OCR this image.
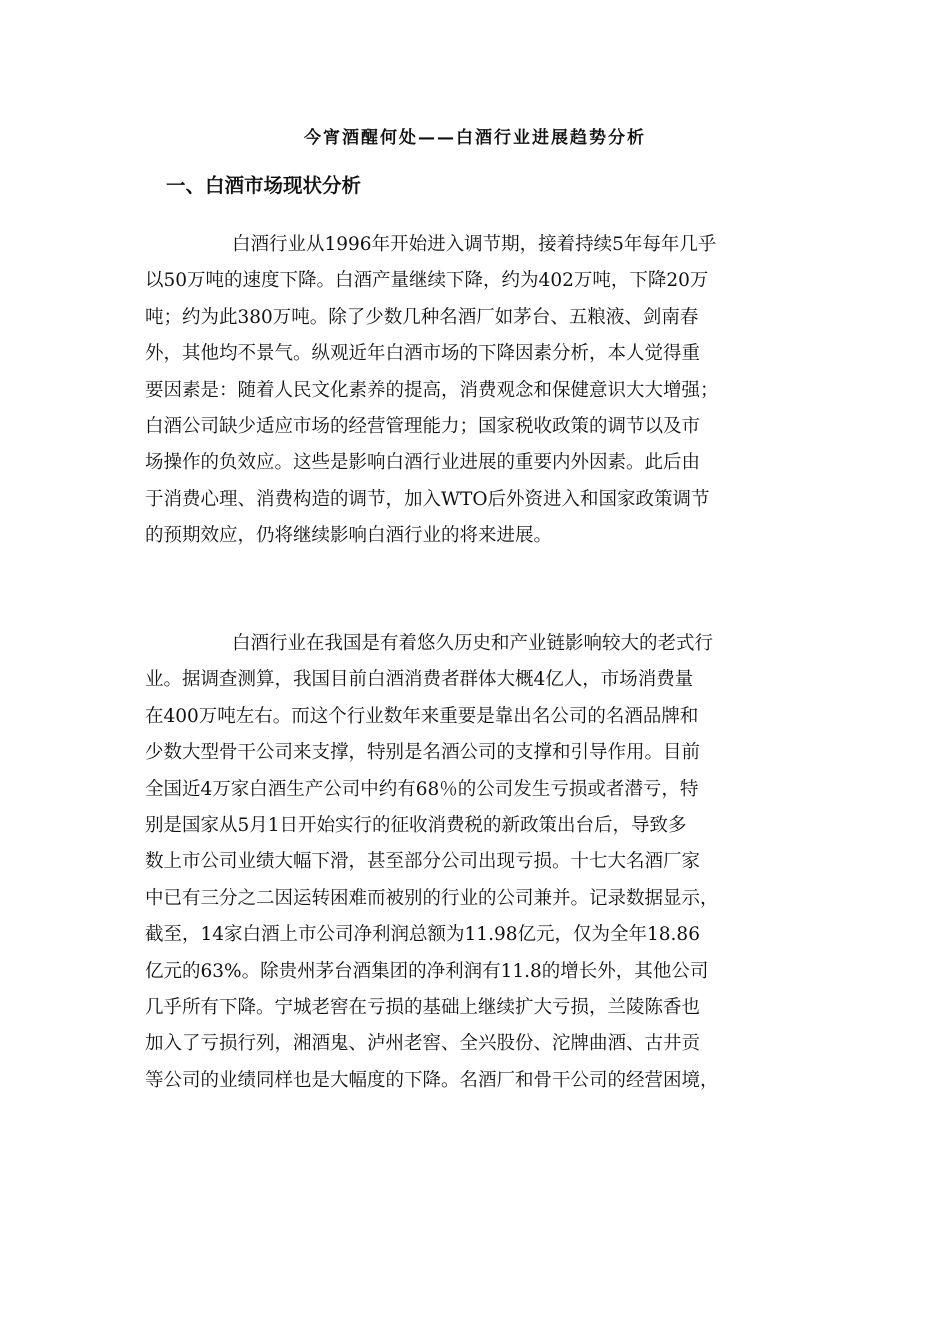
今宵酒醒何处——白酒行业进展趋势分析
一、白酒市场现状分析
白酒行业从1996年开始进入调节期，接着持续5年每年几乎
以50万吨的速度下降。白酒产量继续下降，约为402万吨，下降20万
吨；约为此380万吨。除了少数几种名酒厂如茅台、五粮液、剑南春
外，其他均不景气。纵观近年白酒市场的下降因素分析，本人觉得重
要因素是：随着人民文化素养的提高，消费观念和保健意识大大增强；
白酒公司缺少适应市场的经营管理能力；国家税收政策的调节以及市
场操作的负效应。这些是影响白酒行业进展的重要内外因素。此后由
于消费心理、消费构造的调节，加入WTO后外资进入和国家政策调节
的预期效应，仍将继续影响白酒行业的将来进展。
白酒行业在我国是有着悠久历史和产业链影响较大的老式行
业。据调查测算，我国目前白酒消费者群体大概4亿人，市场消费量
在400万吨左右。而这个行业数年来重要是靠出名公司的名酒品牌和
少数大型骨干公司来支撑，特别是名酒公司的支撑和引导作用。目前
全国近4万家白酒生产公司中约有68％的公司发生亏损或者潜亏，特
别是国家从5月1日开始实行的征收消费税的新政策出台后，导致多
数上市公司业绩大幅下滑，甚至部分公司出现亏损。十七大名酒厂家
中已有三分之二因运转困难而被别的行业的公司兼并。记录数据显示，
截至，14家白酒上市公司净利润总额为11.98亿元，仅为全年18.86
亿元的63%。除贵州茅台酒集团的净利润有11.8的增长外，其他公司
几乎所有下降。宁城老窖在亏损的基础上继续扩大亏损，兰陵陈香也
加入了亏损行列，湘酒鬼、泸州老窖、全兴股份、沱牌曲酒、古井贡
等公司的业绩同样也是大幅度的下降。名酒厂和骨干公司的经营困境，
